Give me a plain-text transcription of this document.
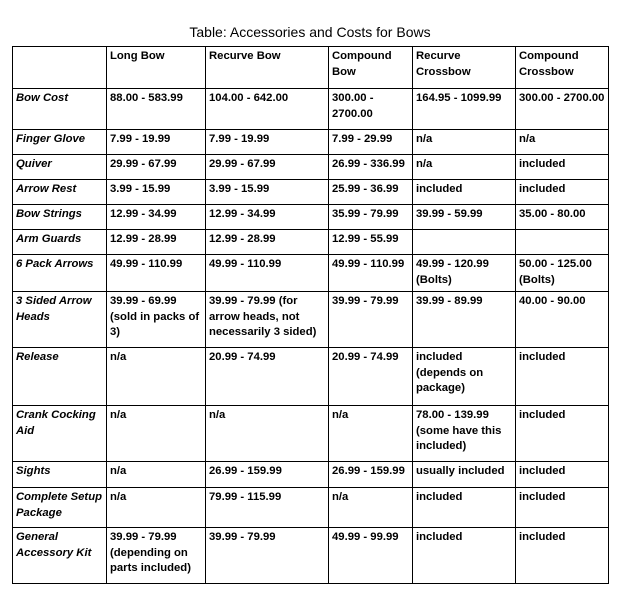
Table: Accessories and Costs for Bows
	Long Bow	Recurve Bow	Compound Bow	Recurve Crossbow	Compound Crossbow
Bow Cost	88.00 - 583.99	104.00 - 642.00	300.00 - 2700.00	164.95 - 1099.99	300.00 - 2700.00
Finger Glove	7.99 - 19.99	7.99 - 19.99	7.99 - 29.99	n/a	n/a
Quiver	29.99 - 67.99	29.99 - 67.99	26.99 - 336.99	n/a	included
Arrow Rest	3.99 - 15.99	3.99 - 15.99	25.99 - 36.99	included	included
Bow Strings	12.99 - 34.99	12.99 - 34.99	35.99 - 79.99	39.99 - 59.99	35.00 - 80.00
Arm Guards	12.99 - 28.99	12.99 - 28.99	12.99 - 55.99		
6 Pack Arrows	49.99 - 110.99	49.99 - 110.99	49.99 - 110.99	49.99 - 120.99 (Bolts)	50.00 - 125.00 (Bolts)
3 Sided Arrow Heads	39.99 - 69.99 (sold in packs of 3)	39.99 - 79.99 (for arrow heads, not necessarily 3 sided)	39.99 - 79.99	39.99 - 89.99	40.00 - 90.00
Release	n/a	20.99 - 74.99	20.99 - 74.99	included (depends on package)	included
Crank Cocking Aid	n/a	n/a	n/a	78.00 - 139.99 (some have this included)	included
Sights	n/a	26.99 - 159.99	26.99 - 159.99	usually included	included
Complete Setup Package	n/a	79.99 - 115.99	n/a	included	included
General Accessory Kit	39.99 - 79.99 (depending on parts included)	39.99 - 79.99	49.99 - 99.99	included	included
